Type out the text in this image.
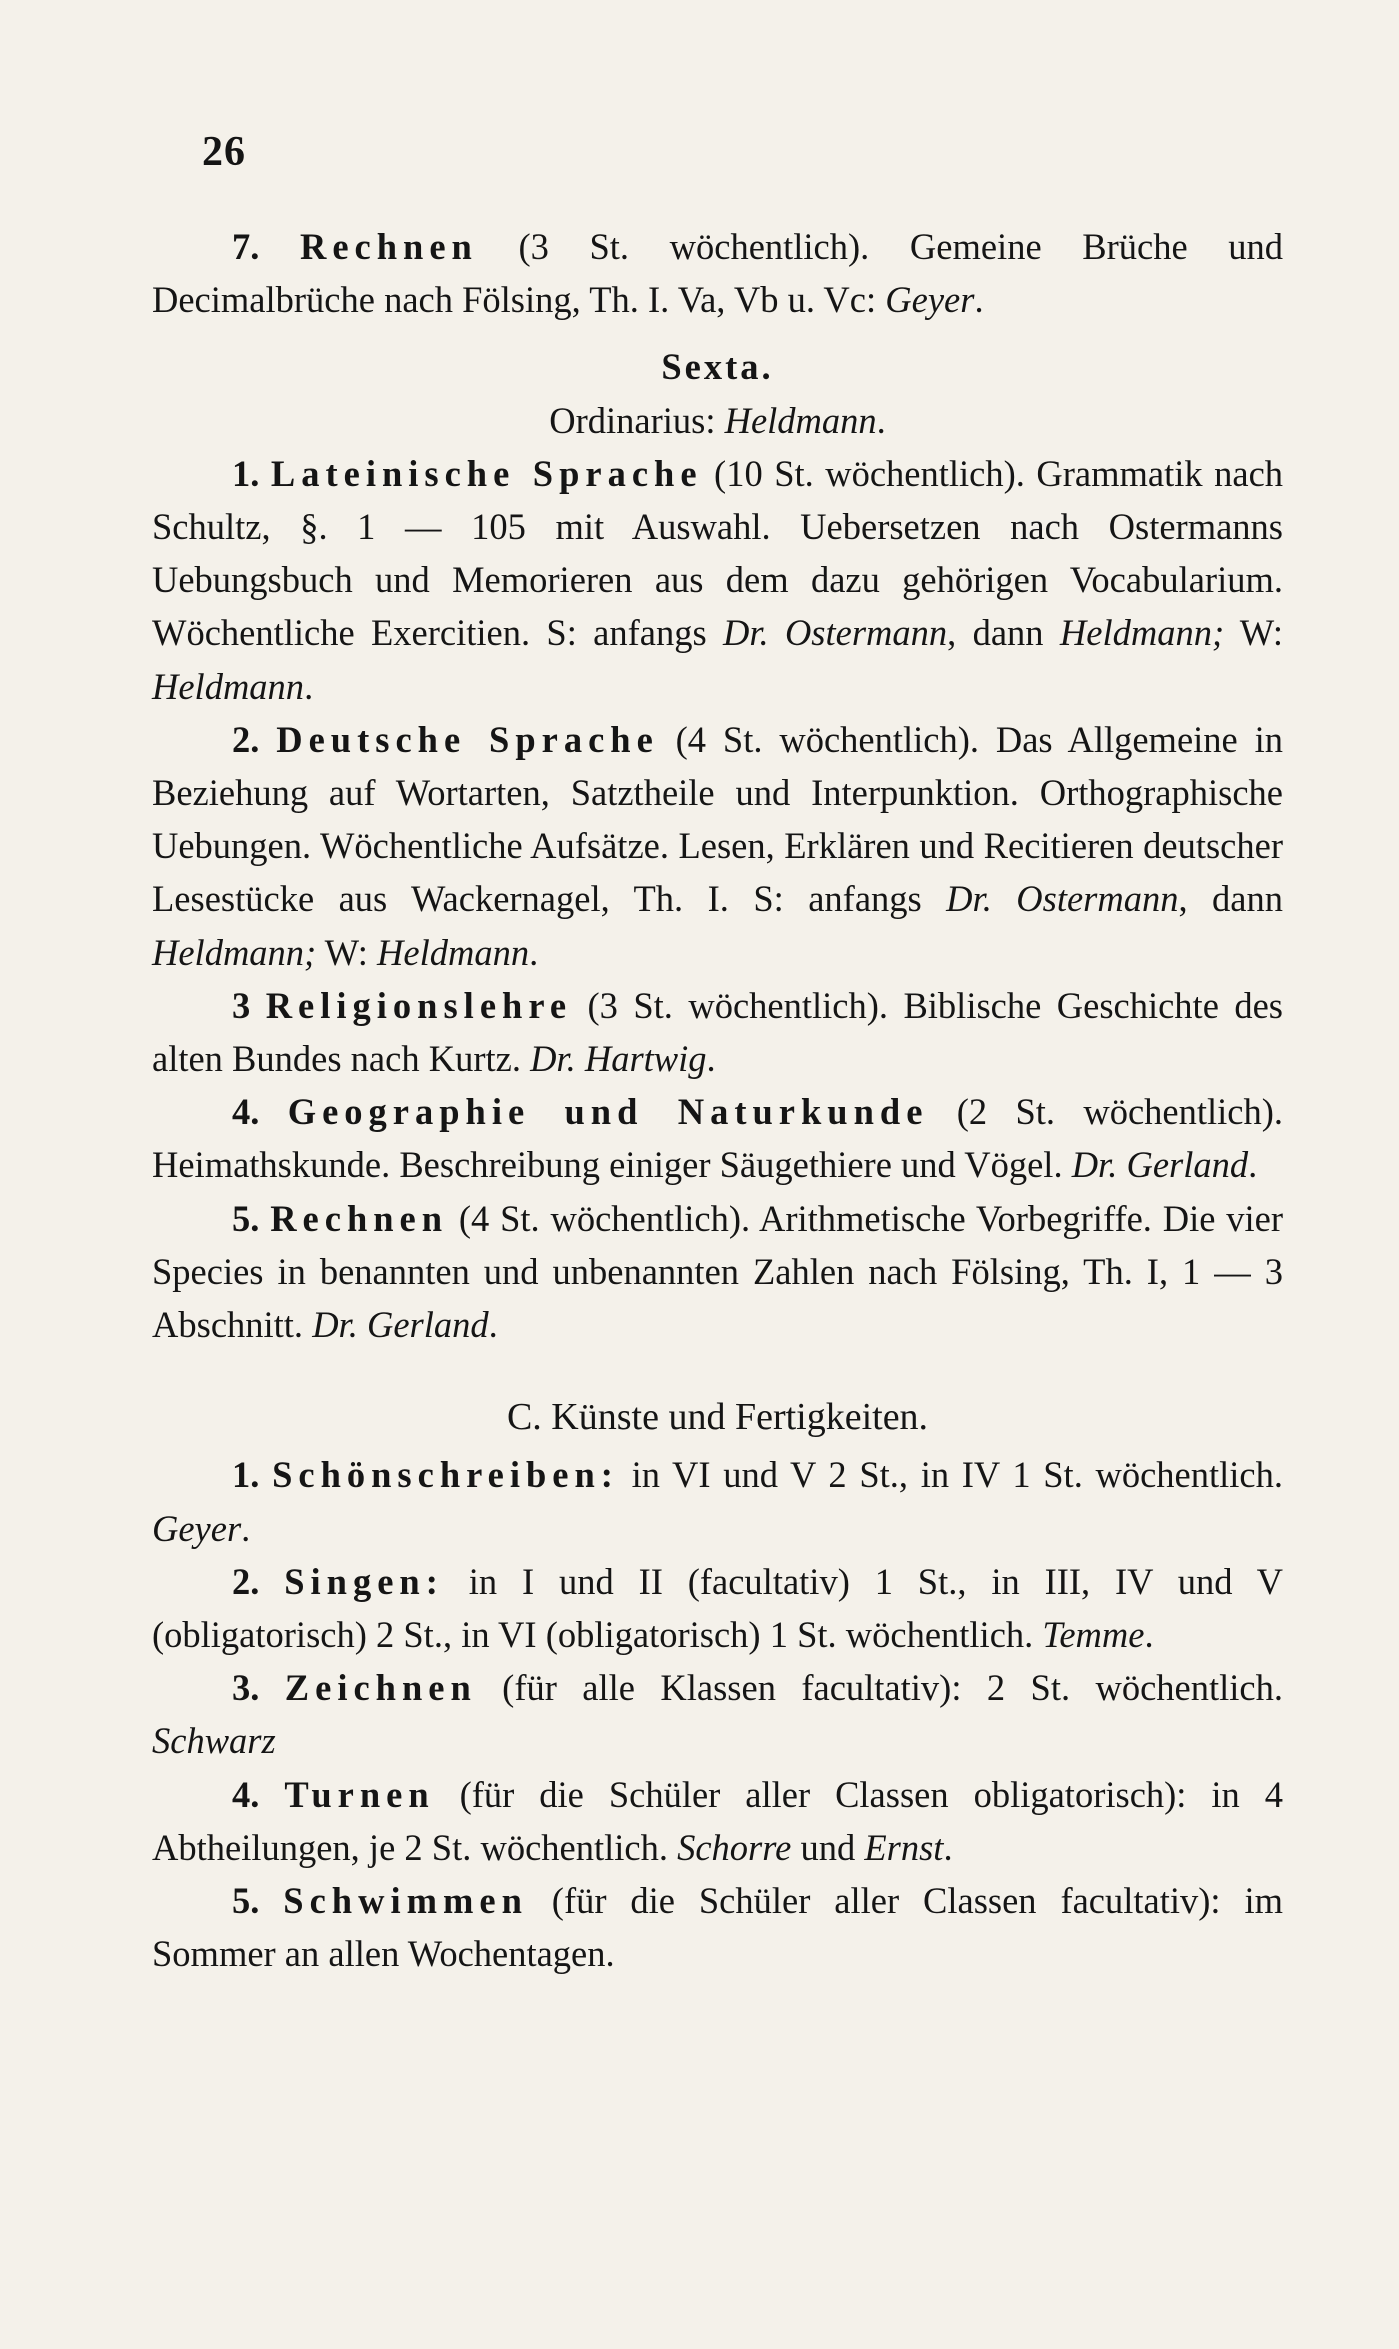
26

7. Rechnen (3 St. wöchentlich). Gemeine Brüche und Decimalbrüche nach Fölsing, Th. I. Va, Vb u. Vc: Geyer.

Sexta.

Ordinarius: Heldmann.

1. Lateinische Sprache (10 St. wöchentlich). Grammatik nach Schultz, §. 1 — 105 mit Auswahl. Uebersetzen nach Ostermanns Uebungsbuch und Memorieren aus dem dazu gehörigen Vocabularium. Wöchentliche Exercitien. S: anfangs Dr. Ostermann, dann Heldmann; W: Heldmann.

2. Deutsche Sprache (4 St. wöchentlich). Das Allgemeine in Beziehung auf Wortarten, Satztheile und Interpunktion. Orthographische Uebungen. Wöchentliche Aufsätze. Lesen, Erklären und Recitieren deutscher Lesestücke aus Wackernagel, Th. I. S: anfangs Dr. Ostermann, dann Heldmann; W: Heldmann.

3 Religionslehre (3 St. wöchentlich). Biblische Geschichte des alten Bundes nach Kurtz. Dr. Hartwig.

4. Geographie und Naturkunde (2 St. wöchentlich). Heimathskunde. Beschreibung einiger Säugethiere und Vögel. Dr. Gerland.

5. Rechnen (4 St. wöchentlich). Arithmetische Vorbegriffe. Die vier Species in benannten und unbenannten Zahlen nach Fölsing, Th. I, 1 — 3 Abschnitt. Dr. Gerland.

C. Künste und Fertigkeiten.

1. Schönschreiben: in VI und V 2 St., in IV 1 St. wöchentlich. Geyer.

2. Singen: in I und II (facultativ) 1 St., in III, IV und V (obligatorisch) 2 St., in VI (obligatorisch) 1 St. wöchentlich. Temme.

3. Zeichnen (für alle Klassen facultativ): 2 St. wöchentlich. Schwarz

4. Turnen (für die Schüler aller Classen obligatorisch): in 4 Abtheilungen, je 2 St. wöchentlich. Schorre und Ernst.

5. Schwimmen (für die Schüler aller Classen facultativ): im Sommer an allen Wochentagen.
